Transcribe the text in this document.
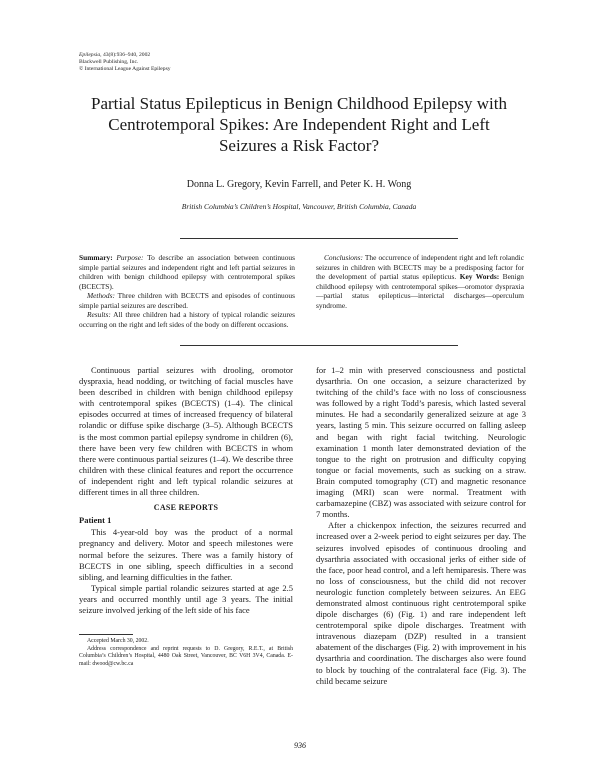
Epilepsia, 43(8):936–940, 2002
Blackwell Publishing, Inc.
© International League Against Epilepsy
Partial Status Epilepticus in Benign Childhood Epilepsy with
Centrotemporal Spikes: Are Independent Right and Left
Seizures a Risk Factor?
Donna L. Gregory, Kevin Farrell, and Peter K. H. Wong
British Columbia’s Children’s Hospital, Vancouver, British Columbia, Canada

Summary: Purpose: To describe an association between continuous simple partial seizures and independent right and left partial seizures in children with benign childhood epilepsy with centrotemporal spikes (BCECTS).

Methods: Three children with BCECTS and episodes of continuous simple partial seizures are described.

Results: All three children had a history of typical rolandic seizures occurring on the right and left sides of the body on different occasions.

Conclusions: The occurrence of independent right and left rolandic seizures in children with BCECTS may be a predisposing factor for the development of partial status epilepticus. Key Words: Benign childhood epilepsy with centrotemporal spikes—oromotor dyspraxia—partial status epilepticus—interictal discharges—operculum syndrome.

Continuous partial seizures with drooling, oromotor dyspraxia, head nodding, or twitching of facial muscles have been described in children with benign childhood epilepsy with centrotemporal spikes (BCECTS) (1–4). The clinical episodes occurred at times of increased frequency of bilateral rolandic or diffuse spike discharge (3–5). Although BCECTS is the most common partial epilepsy syndrome in children (6), there have been very few children with BCECTS in whom there were continuous partial seizures (1–4). We describe three children with these clinical features and report the occurrence of independent right and left typical rolandic seizures at different times in all three children.

CASE REPORTS
Patient 1

This 4-year-old boy was the product of a normal pregnancy and delivery. Motor and speech milestones were normal before the seizures. There was a family history of BCECTS in one sibling, speech difficulties in a second sibling, and learning difficulties in the father.

Typical simple partial rolandic seizures started at age 2.5 years and occurred monthly until age 3 years. The initial seizure involved jerking of the left side of his face

for 1–2 min with preserved consciousness and postictal dysarthria. On one occasion, a seizure characterized by twitching of the child’s face with no loss of consciousness was followed by a right Todd’s paresis, which lasted several minutes. He had a secondarily generalized seizure at age 3 years, lasting 5 min. This seizure occurred on falling asleep and began with right facial twitching. Neurologic examination 1 month later demonstrated deviation of the tongue to the right on protrusion and difficulty copying tongue or facial movements, such as sucking on a straw. Brain computed tomography (CT) and magnetic resonance imaging (MRI) scan were normal. Treatment with carbamazepine (CBZ) was associated with seizure control for 7 months.

After a chickenpox infection, the seizures recurred and increased over a 2-week period to eight seizures per day. The seizures involved episodes of continuous drooling and dysarthria associated with occasional jerks of either side of the face, poor head control, and a left hemiparesis. There was no loss of consciousness, but the child did not recover neurologic function completely between seizures. An EEG demonstrated almost continuous right centrotemporal spike dipole discharges (6) (Fig. 1) and rare independent left centrotemporal spike dipole discharges. Treatment with intravenous diazepam (DZP) resulted in a transient abatement of the discharges (Fig. 2) with improvement in his dysarthria and coordination. The discharges also were found to block by touching of the contralateral face (Fig. 3). The child became seizure

Accepted March 30, 2002.

Address correspondence and reprint requests to D. Gregory, R.E.T., at British Columbia’s Children’s Hospital, 4480 Oak Street, Vancouver, BC V6H 3V4, Canada. E-mail: dwood@cw.bc.ca

936
